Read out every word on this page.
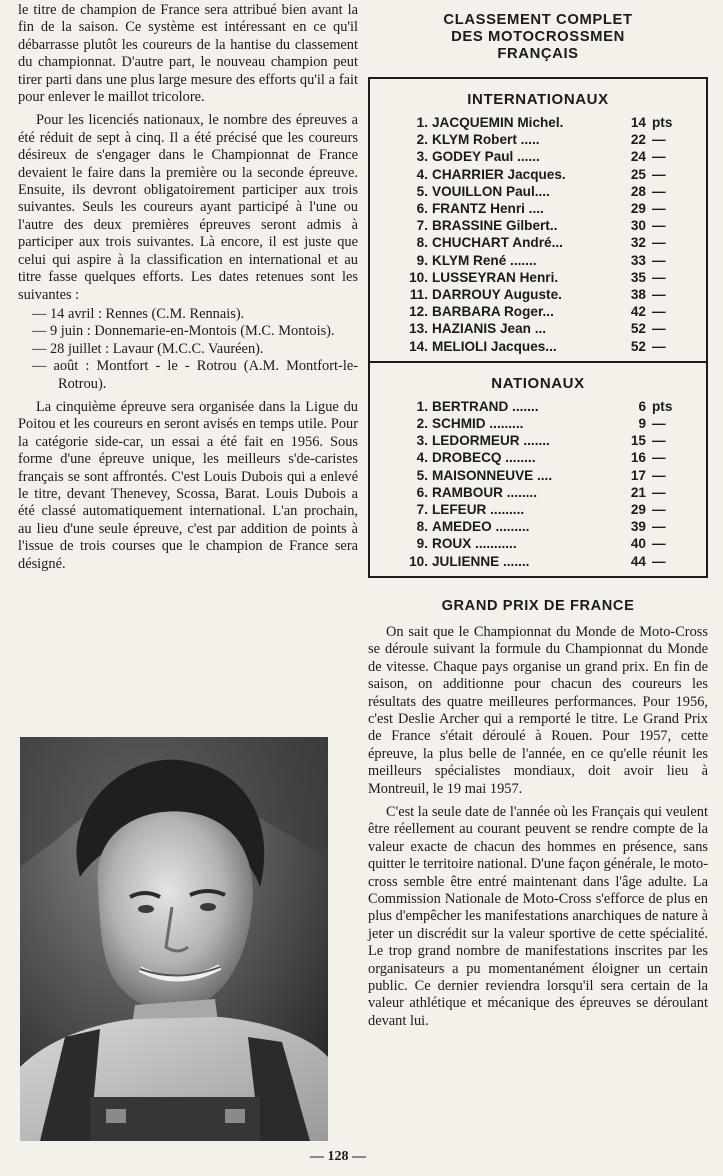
le titre de champion de France sera attribué bien avant la fin de la saison. Ce système est intéressant en ce qu'il débarrasse plutôt les coureurs de la hantise du classement du championnat. D'autre part, le nouveau champion peut tirer parti dans une plus large mesure des efforts qu'il a fait pour enlever le maillot tricolore.

Pour les licenciés nationaux, le nombre des épreuves a été réduit de sept à cinq. Il a été précisé que les coureurs désireux de s'engager dans le Championnat de France devaient le faire dans la première ou la seconde épreuve. Ensuite, ils devront obligatoirement participer aux trois suivantes. Seuls les coureurs ayant participé à l'une ou l'autre des deux premières épreuves seront admis à participer aux trois suivantes. Là encore, il est juste que celui qui aspire à la classification en international et au titre fasse quelques efforts. Les dates retenues sont les suivantes :

— 14 avril : Rennes (C.M. Rennais).
— 9 juin : Donnemarie-en-Montois (M.C. Montois).
— 28 juillet : Lavaur (M.C.C. Vauréen).
— août : Montfort - le - Rotrou (A.M. Montfort-le-Rotrou).

La cinquième épreuve sera organisée dans la Ligue du Poitou et les coureurs en seront avisés en temps utile. Pour la catégorie side-car, un essai a été fait en 1956. Sous forme d'une épreuve unique, les meilleurs s'de-caristes français se sont affrontés. C'est Louis Dubois qui a enlevé le titre, devant Thenevey, Scossa, Barat. Louis Dubois a été classé automatiquement international. L'an prochain, au lieu d'une seule épreuve, c'est par addition de points à l'issue de trois courses que le champion de France sera désigné.

CLASSEMENT COMPLET
DES MOTOCROSSMEN
FRANÇAIS
INTERNATIONAUX
1. JACQUEMIN Michel.	14 pts
2. KLYM Robert .....	22 —
3. GODEY Paul ......	24 —
4. CHARRIER Jacques.	25 —
5. VOUILLON Paul....	28 —
6. FRANTZ Henri ....	29 —
7. BRASSINE Gilbert..	30 —
8. CHUCHART André...	32 —
9. KLYM René .......	33 —
10. LUSSEYRAN Henri.	35 —
11. DARROUY Auguste.	38 —
12. BARBARA Roger...	42 —
13. HAZIANIS Jean ...	52 —
14. MELIOLI Jacques...	52 —
NATIONAUX
1. BERTRAND .......	6 pts
2. SCHMID .........	9 —
3. LEDORMEUR .......	15 —
4. DROBECQ ........	16 —
5. MAISONNEUVE ....	17 —
6. RAMBOUR ........	21 —
7. LEFEUR .........	29 —
8. AMEDEO .........	39 —
9. ROUX ...........	40 —
10. JULIENNE .......	44 —
GRAND PRIX DE FRANCE

On sait que le Championnat du Monde de Moto-Cross se déroule suivant la formule du Championnat du Monde de vitesse. Chaque pays organise un grand prix. En fin de saison, on additionne pour chacun des coureurs les résultats des quatre meilleures performances. Pour 1956, c'est Deslie Archer qui a remporté le titre. Le Grand Prix de France s'était déroulé à Rouen. Pour 1957, cette épreuve, la plus belle de l'année, en ce qu'elle réunit les meilleurs spécialistes mondiaux, doit avoir lieu à Montreuil, le 19 mai 1957.

C'est la seule date de l'année où les Français qui veulent être réellement au courant peuvent se rendre compte de la valeur exacte de chacun des hommes en présence, sans quitter le territoire national. D'une façon générale, le moto-cross semble être entré maintenant dans l'âge adulte. La Commission Nationale de Moto-Cross s'efforce de plus en plus d'empêcher les manifestations anarchiques de nature à jeter un discrédit sur la valeur sportive de cette spécialité. Le trop grand nombre de manifestations inscrites par les organisateurs a pu momentanément éloigner un certain public. Ce dernier reviendra lorsqu'il sera certain de la valeur athlétique et mécanique des épreuves se déroulant devant lui.

— 128 —
